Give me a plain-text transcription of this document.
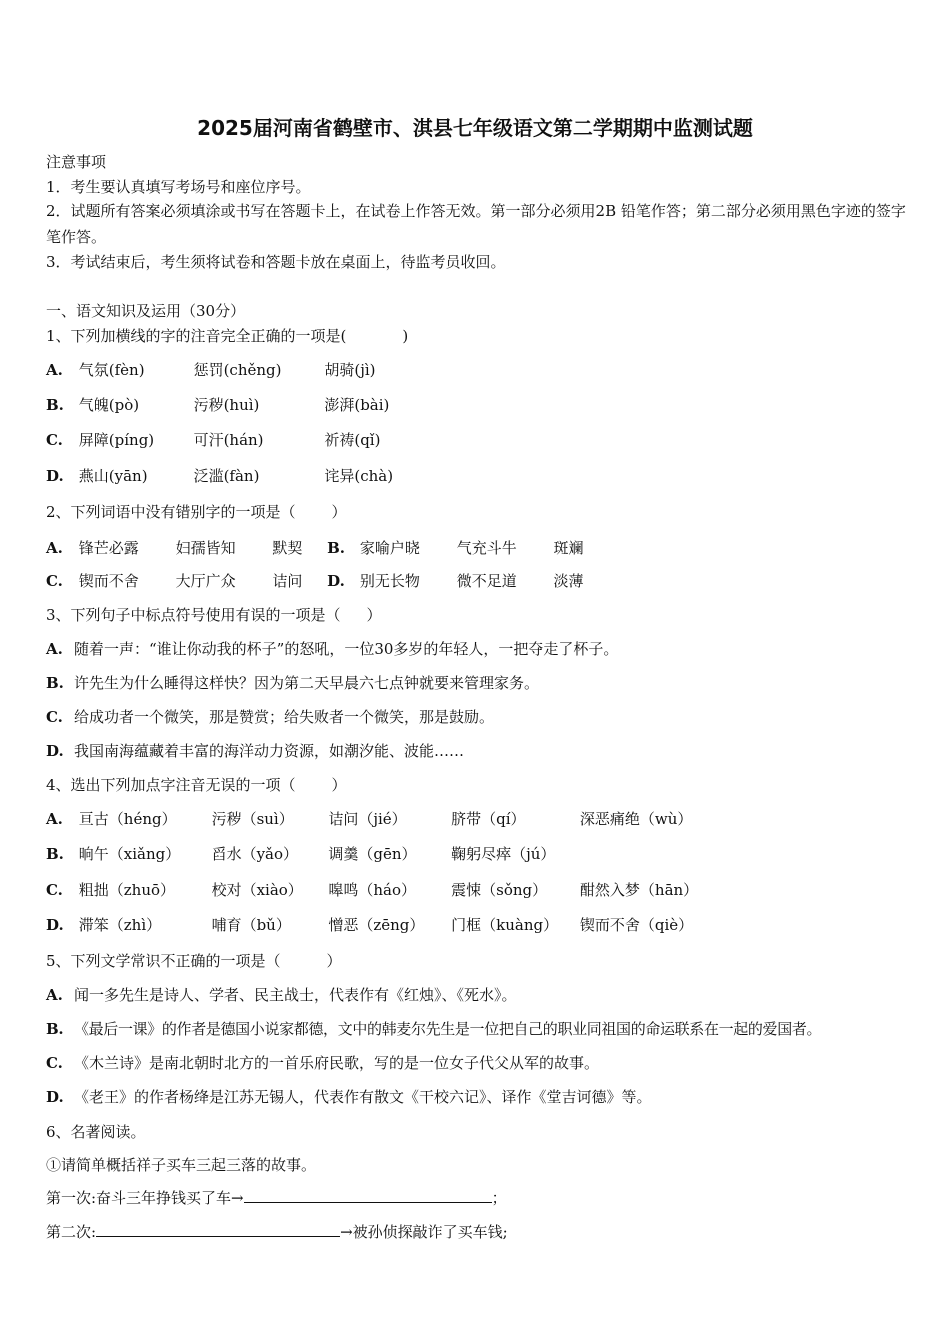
2025届河南省鹤壁市、淇县七年级语文第二学期期中监测试题
注意事项
1．考生要认真填写考场号和座位序号。
2．试题所有答案必须填涂或书写在答题卡上，在试卷上作答无效。第一部分必须用2B 铅笔作答；第二部分必须用黑色字迹的签字笔作答。
3．考试结束后，考生须将试卷和答题卡放在桌面上，待监考员收回。
一、语文知识及运用（30分）
1、下列加横线的字的注音完全正确的一项是(	)
A. 气氛(fèn)	惩罚(chěng)	胡骑(jì)
B. 气魄(pò)	污秽(huì)	澎湃(bài)
C. 屏障(píng)	可汗(hán)	祈祷(qǐ)
D. 燕山(yān)	泛滥(fàn)	诧异(chà)
2、下列词语中没有错别字的一项是（ ）
A. 锋芒必露 妇孺皆知 默契 B. 家喻户晓 气充斗牛 斑斓
C. 锲而不舍 大厅广众 诘问 D. 别无长物 微不足道 淡薄
3、下列句子中标点符号使用有误的一项是（ ）
A. 随着一声：“谁让你动我的杯子”的怒吼，一位30多岁的年轻人，一把夺走了杯子。
B. 许先生为什么睡得这样快？因为第二天早晨六七点钟就要来管理家务。
C. 给成功者一个微笑，那是赞赏；给失败者一个微笑，那是鼓励。
D. 我国南海蕴藏着丰富的海洋动力资源，如潮汐能、波能……
4、选出下列加点字注音无误的一项（ ）
A. 亘古（héng） 污秽（suì） 诘问（jié）	脐带（qí）	深恶痛绝（wù）
B. 晌午（xiǎng） 舀水（yǎo） 调羹（gēn） 鞠躬尽瘁（jú）
C. 粗拙（zhuō） 校对（xiào） 嗥鸣（háo） 震悚（sǒng） 酣然入梦（hān）
D. 滞笨（zhì）	哺育（bǔ）	憎恶（zēng） 门框（kuàng） 锲而不舍（qiè）
5、下列文学常识不正确的一项是（	）
A. 闻一多先生是诗人、学者、民主战士，代表作有《红烛》、《死水》。
B. 《最后一课》的作者是德国小说家都德，文中的韩麦尔先生是一位把自己的职业同祖国的命运联系在一起的爱国者。
C. 《木兰诗》是南北朝时北方的一首乐府民歌，写的是一位女子代父从军的故事。
D. 《老王》的作者杨绛是江苏无锡人，代表作有散文《干校六记》、译作《堂吉诃德》等。
6、名著阅读。
①请简单概括祥子买车三起三落的故事。
第一次:奋斗三年挣钱买了车→	；
第二次:	→被孙侦探敲诈了买车钱;
